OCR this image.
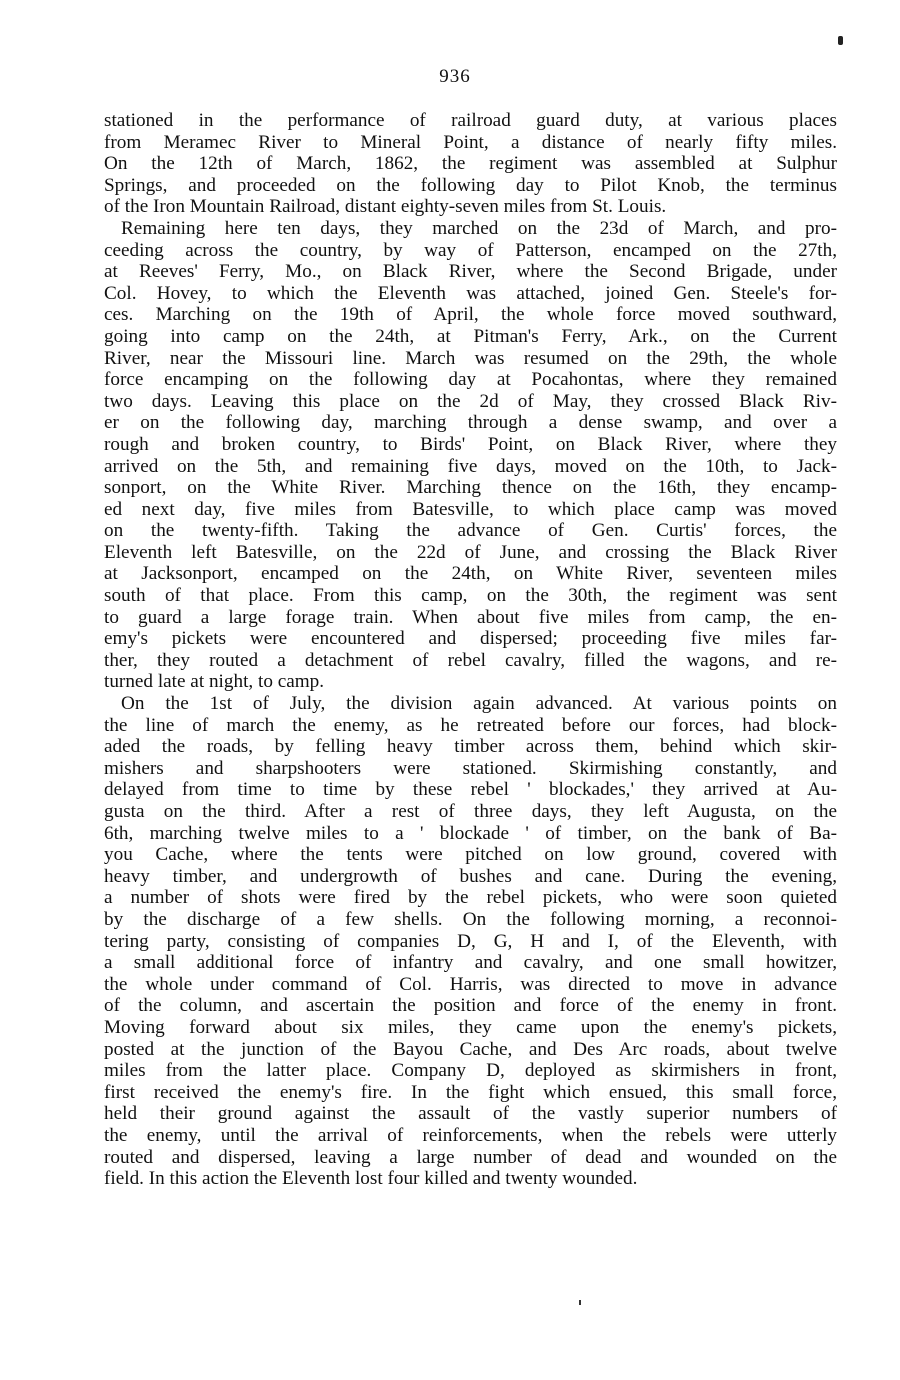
936
stationed in the performance of railroad guard duty, at various places
from Meramec River to Mineral Point, a distance of nearly fifty miles.
On the 12th of March, 1862, the regiment was assembled at Sulphur
Springs, and proceeded on the following day to Pilot Knob, the terminus
of the Iron Mountain Railroad, distant eighty-seven miles from St. Louis.
Remaining here ten days, they marched on the 23d of March, and pro-
ceeding across the country, by way of Patterson, encamped on the 27th,
at Reeves' Ferry, Mo., on Black River, where the Second Brigade, under
Col. Hovey, to which the Eleventh was attached, joined Gen. Steele's for-
ces. Marching on the 19th of April, the whole force moved southward,
going into camp on the 24th, at Pitman's Ferry, Ark., on the Current
River, near the Missouri line. March was resumed on the 29th, the whole
force encamping on the following day at Pocahontas, where they remained
two days. Leaving this place on the 2d of May, they crossed Black Riv-
er on the following day, marching through a dense swamp, and over a
rough and broken country, to Birds' Point, on Black River, where they
arrived on the 5th, and remaining five days, moved on the 10th, to Jack-
sonport, on the White River. Marching thence on the 16th, they encamp-
ed next day, five miles from Batesville, to which place camp was moved
on the twenty-fifth. Taking the advance of Gen. Curtis' forces, the
Eleventh left Batesville, on the 22d of June, and crossing the Black River
at Jacksonport, encamped on the 24th, on White River, seventeen miles
south of that place. From this camp, on the 30th, the regiment was sent
to guard a large forage train. When about five miles from camp, the en-
emy's pickets were encountered and dispersed; proceeding five miles far-
ther, they routed a detachment of rebel cavalry, filled the wagons, and re-
turned late at night, to camp.
On the 1st of July, the division again advanced. At various points on
the line of march the enemy, as he retreated before our forces, had block-
aded the roads, by felling heavy timber across them, behind which skir-
mishers and sharpshooters were stationed. Skirmishing constantly, and
delayed from time to time by these rebel ' blockades,' they arrived at Au-
gusta on the third. After a rest of three days, they left Augusta, on the
6th, marching twelve miles to a ' blockade ' of timber, on the bank of Ba-
you Cache, where the tents were pitched on low ground, covered with
heavy timber, and undergrowth of bushes and cane. During the evening,
a number of shots were fired by the rebel pickets, who were soon quieted
by the discharge of a few shells. On the following morning, a reconnoi-
tering party, consisting of companies D, G, H and I, of the Eleventh, with
a small additional force of infantry and cavalry, and one small howitzer,
the whole under command of Col. Harris, was directed to move in advance
of the column, and ascertain the position and force of the enemy in front.
Moving forward about six miles, they came upon the enemy's pickets,
posted at the junction of the Bayou Cache, and Des Arc roads, about twelve
miles from the latter place. Company D, deployed as skirmishers in front,
first received the enemy's fire. In the fight which ensued, this small force,
held their ground against the assault of the vastly superior numbers of
the enemy, until the arrival of reinforcements, when the rebels were utterly
routed and dispersed, leaving a large number of dead and wounded on the
field. In this action the Eleventh lost four killed and twenty wounded.
